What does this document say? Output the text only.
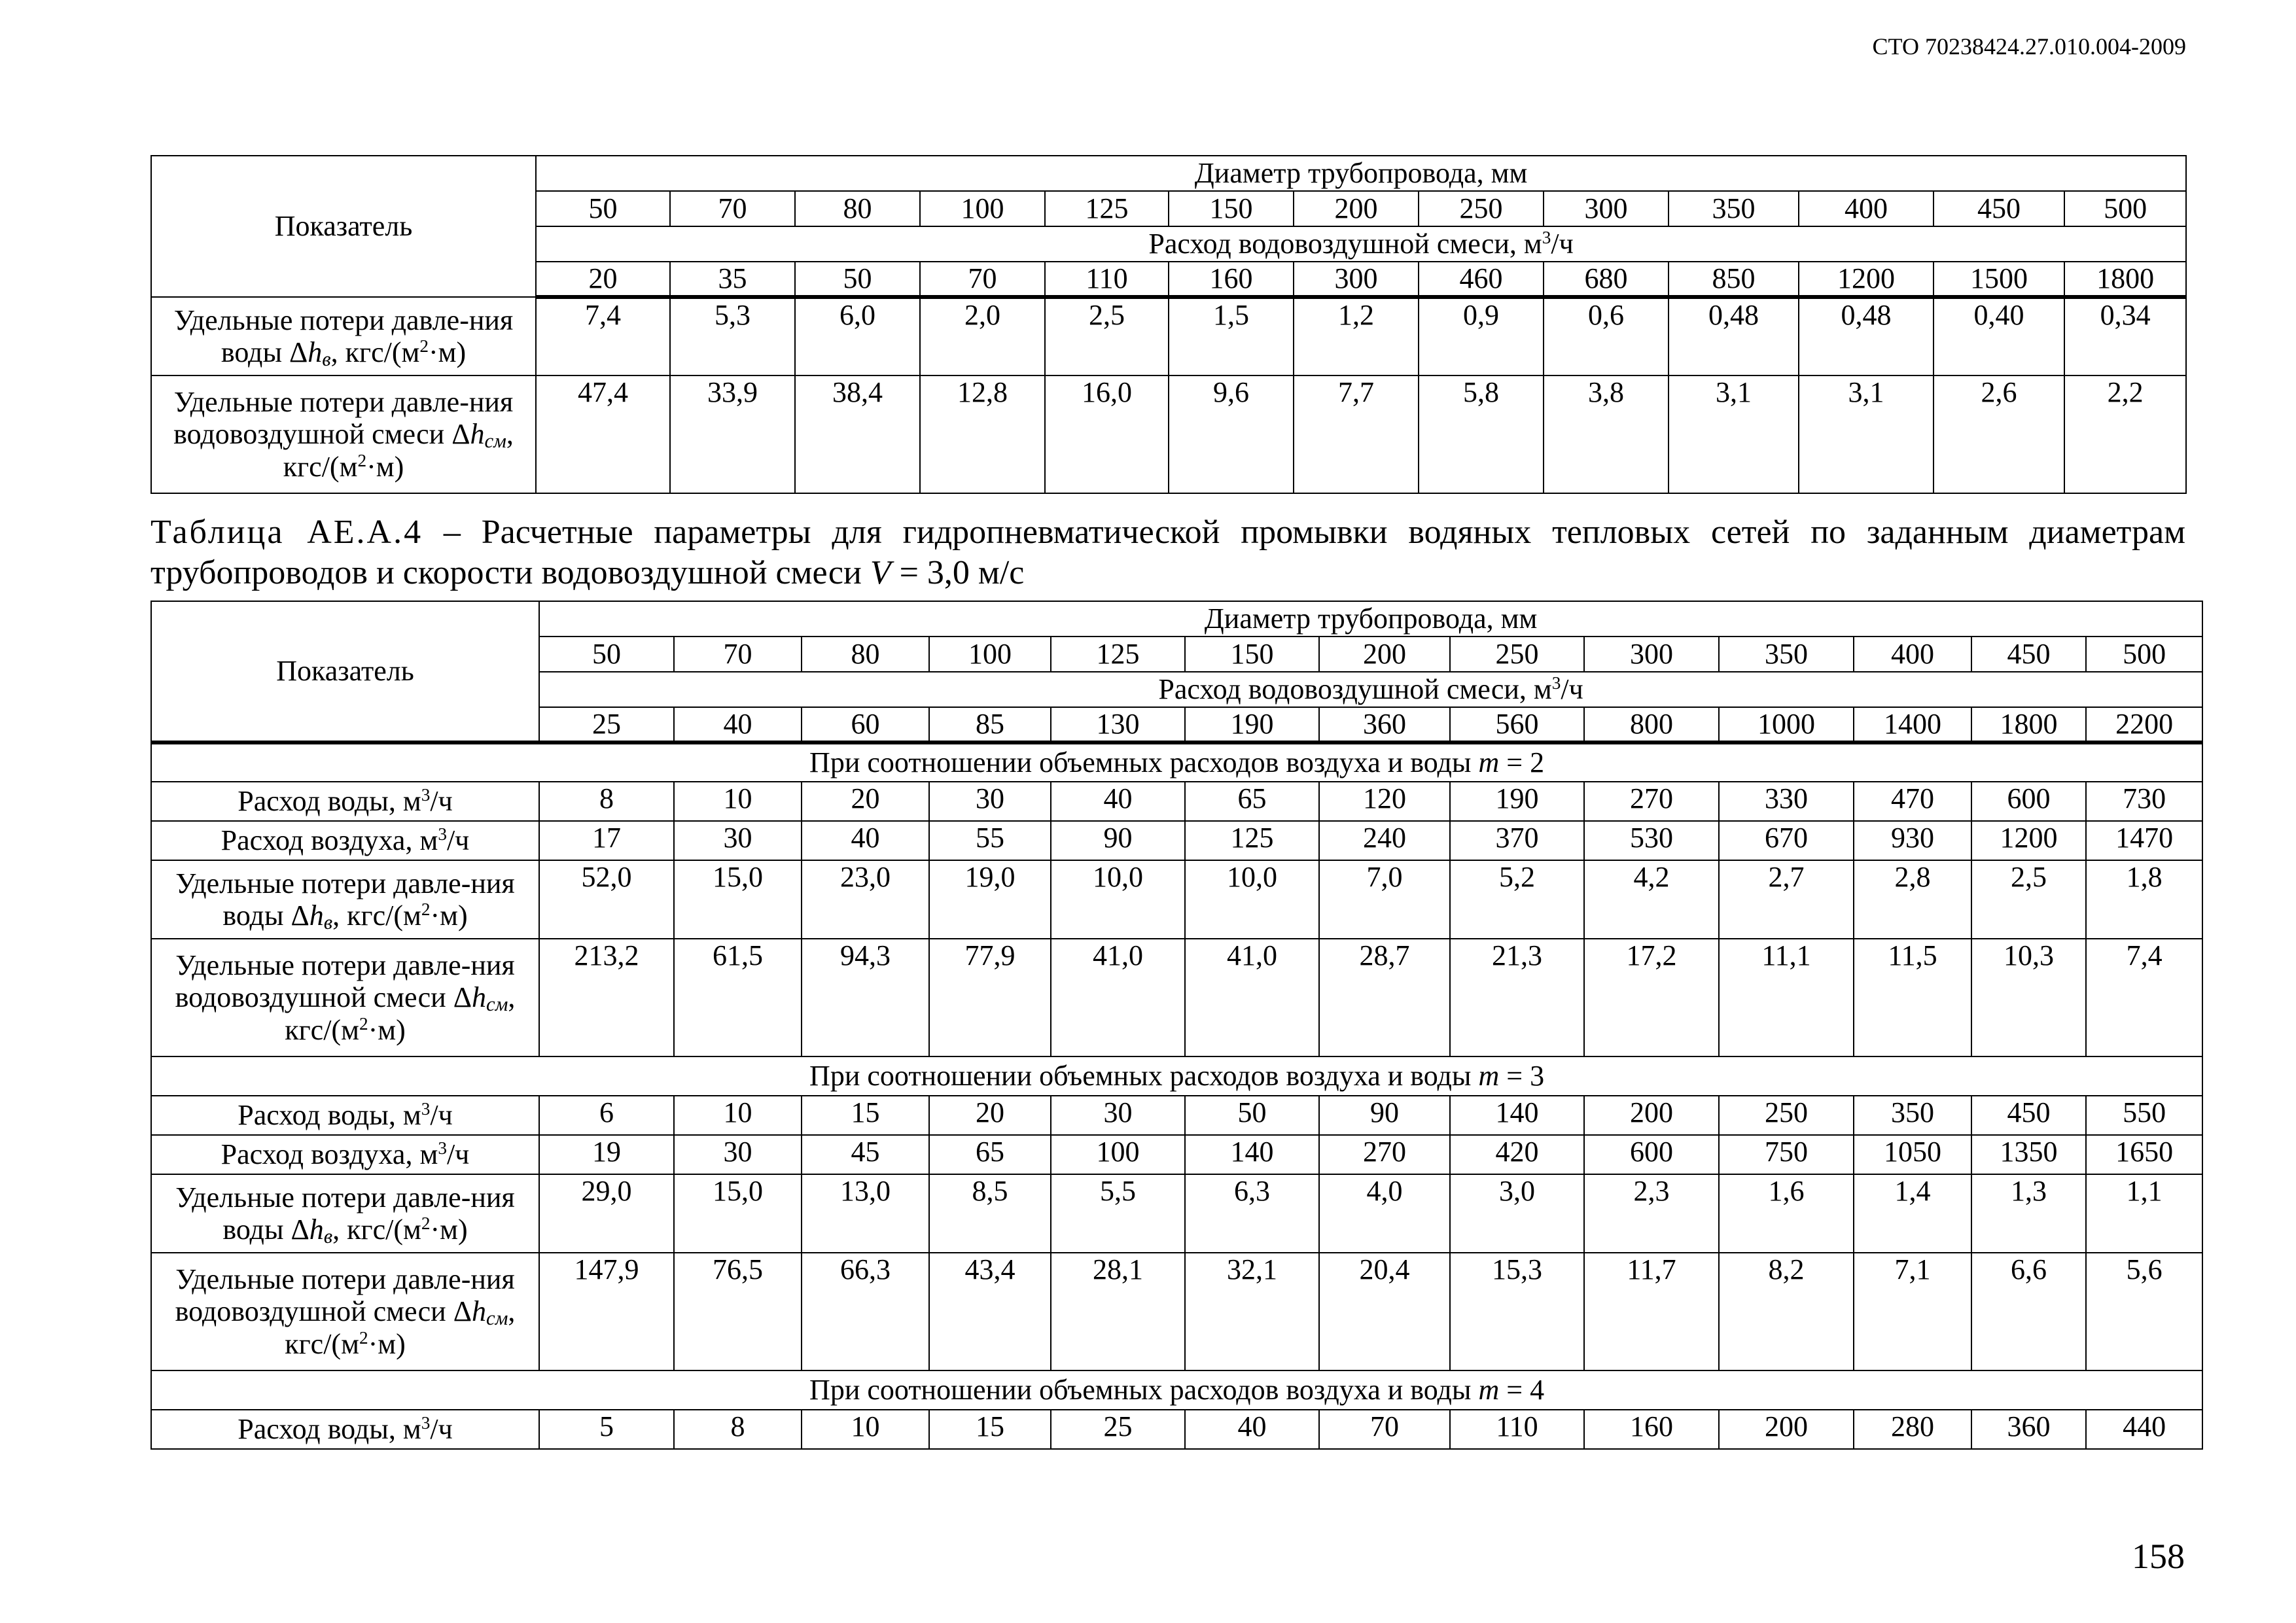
СТО 70238424.27.010.004-2009
Показатель	Диаметр трубопровода, мм												
	50	70	80	100	125	150	200	250	300	350	400	450	500
	Расход водовоздушной смеси, $м^3/ч$												
	20	35	50	70	110	160	300	460	680	850	1200	1500	1800
Удельные потери давле-ния воды $\Delta h_в$, кгс/$(м^2\cdot м)$	7,4	5,3	6,0	2,0	2,5	1,5	1,2	0,9	0,6	0,48	0,48	0,40	0,34
Удельные потери давле-ния водовоздушной смеси $\Delta h_{см}$, кгс/$(м^2\cdot м)$	47,4	33,9	38,4	12,8	16,0	9,6	7,7	5,8	3,8	3,1	3,1	2,6	2,2
Таблица АЕ.А.4 – Расчетные параметры для гидропневматической промывки водяных тепловых сетей по заданным диаметрам трубопроводов и скорости водовоздушной смеси V = 3,0 м/с
Показатель	Диаметр трубопровода, мм												
	50	70	80	100	125	150	200	250	300	350	400	450	500
	Расход водовоздушной смеси, $м^3/ч$												
	25	40	60	85	130	190	360	560	800	1000	1400	1800	2200
При соотношении объемных расходов воздуха и воды m = 2													
Расход воды, $м^3/ч$	8	10	20	30	40	65	120	190	270	330	470	600	730
Расход воздуха, $м^3/ч$	17	30	40	55	90	125	240	370	530	670	930	1200	1470
Удельные потери давле-ния воды $\Delta h_в$, кгс/$(м^2\cdot м)$	52,0	15,0	23,0	19,0	10,0	10,0	7,0	5,2	4,2	2,7	2,8	2,5	1,8
Удельные потери давле-ния водовоздушной смеси $\Delta h_{см}$, кгс/$(м^2\cdot м)$	213,2	61,5	94,3	77,9	41,0	41,0	28,7	21,3	17,2	11,1	11,5	10,3	7,4
При соотношении объемных расходов воздуха и воды m = 3													
Расход воды, $м^3/ч$	6	10	15	20	30	50	90	140	200	250	350	450	550
Расход воздуха, $м^3/ч$	19	30	45	65	100	140	270	420	600	750	1050	1350	1650
Удельные потери давле-ния воды $\Delta h_в$, кгс/$(м^2\cdot м)$	29,0	15,0	13,0	8,5	5,5	6,3	4,0	3,0	2,3	1,6	1,4	1,3	1,1
Удельные потери давле-ния водовоздушной смеси $\Delta h_{см}$, кгс/$(м^2\cdot м)$	147,9	76,5	66,3	43,4	28,1	32,1	20,4	15,3	11,7	8,2	7,1	6,6	5,6
При соотношении объемных расходов воздуха и воды m = 4													
Расход воды, $м^3/ч$	5	8	10	15	25	40	70	110	160	200	280	360	440
158
